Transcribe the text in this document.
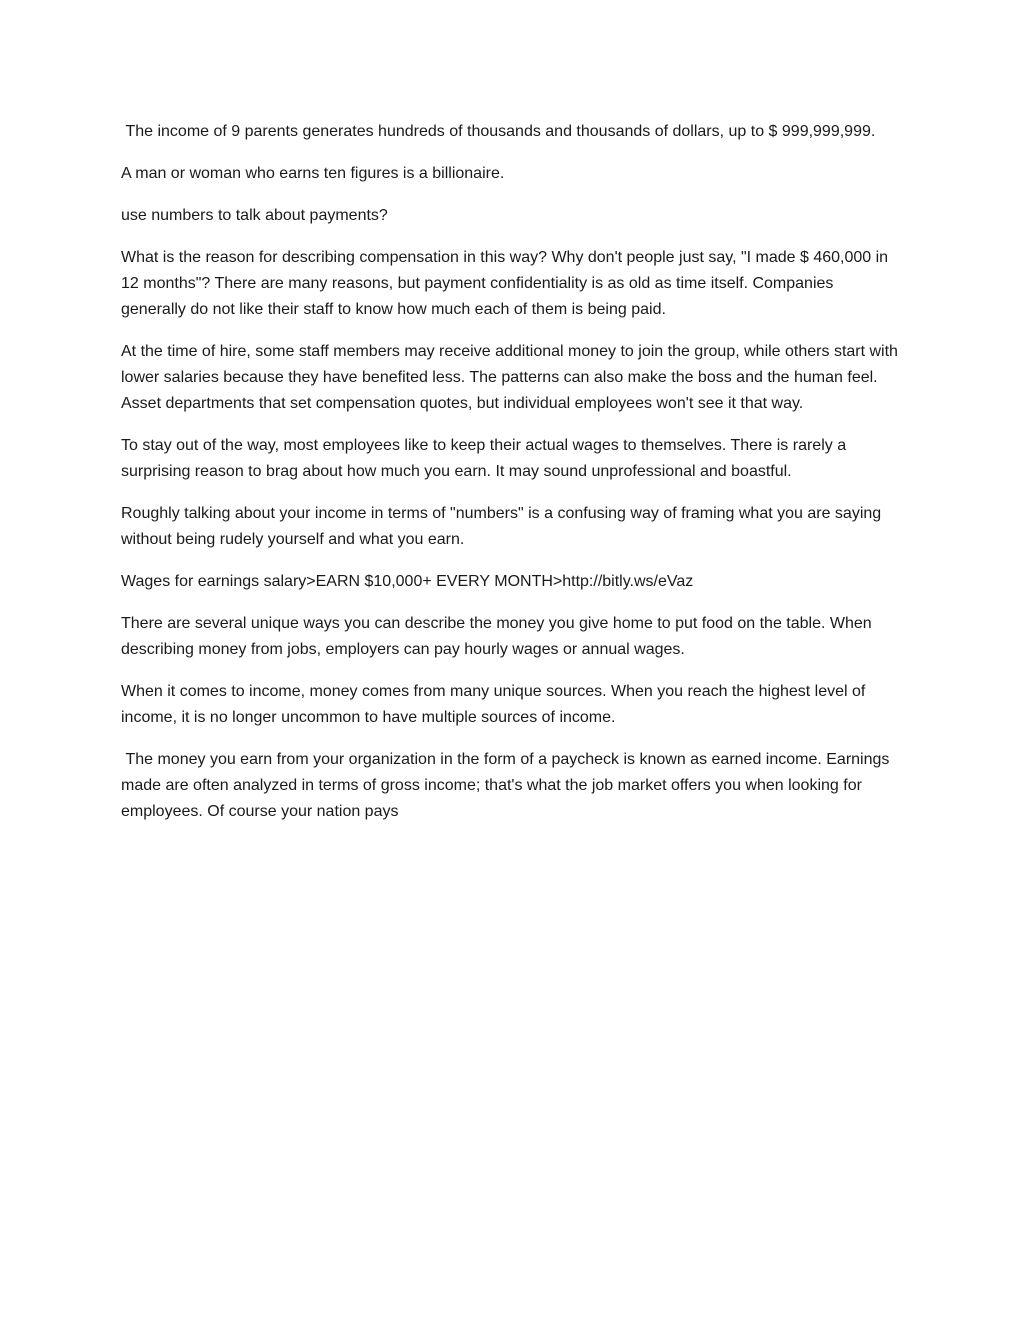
The income of 9 parents generates hundreds of thousands and thousands of dollars, up to $ 999,999,999.

A man or woman who earns ten figures is a billionaire.

use numbers to talk about payments?

What is the reason for describing compensation in this way? Why don't people just say, "I made $ 460,000 in 12 months"? There are many reasons, but payment confidentiality is as old as time itself. Companies generally do not like their staff to know how much each of them is being paid.

At the time of hire, some staff members may receive additional money to join the group, while others start with lower salaries because they have benefited less. The patterns can also make the boss and the human feel. Asset departments that set compensation quotes, but individual employees won't see it that way.

To stay out of the way, most employees like to keep their actual wages to themselves. There is rarely a surprising reason to brag about how much you earn. It may sound unprofessional and boastful.

Roughly talking about your income in terms of "numbers" is a confusing way of framing what you are saying without being rudely yourself and what you earn.

Wages for earnings salary>EARN $10,000+ EVERY MONTH>http://bitly.ws/eVaz

There are several unique ways you can describe the money you give home to put food on the table. When describing money from jobs, employers can pay hourly wages or annual wages.

When it comes to income, money comes from many unique sources. When you reach the highest level of income, it is no longer uncommon to have multiple sources of income.

The money you earn from your organization in the form of a paycheck is known as earned income. Earnings made are often analyzed in terms of gross income; that's what the job market offers you when looking for employees. Of course your nation pays
